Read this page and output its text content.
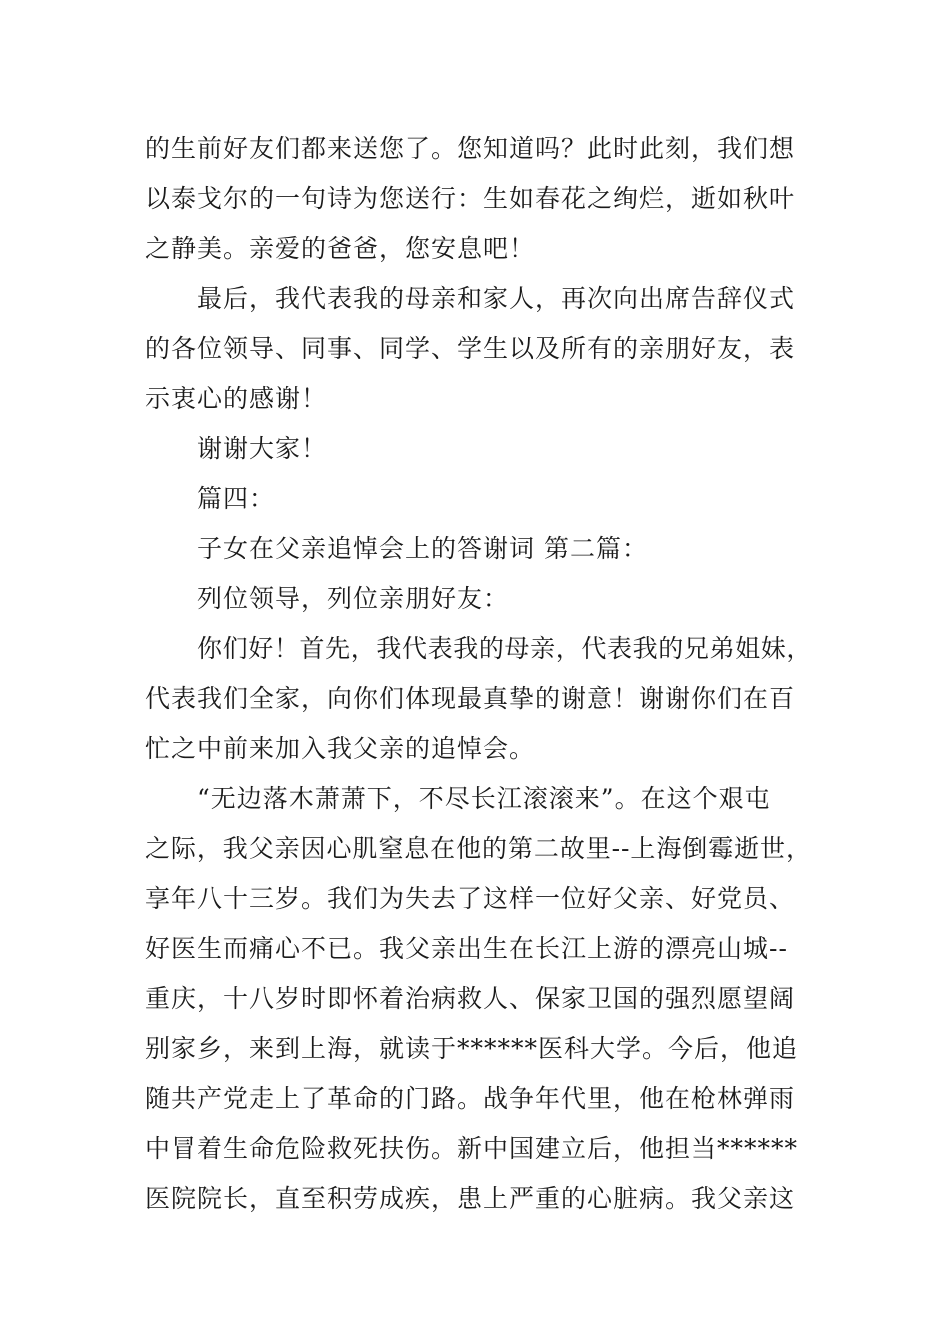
的生前好友们都来送您了。您知道吗？此时此刻，我们想
以泰戈尔的一句诗为您送行：生如春花之绚烂，逝如秋叶
之静美。亲爱的爸爸，您安息吧！
最后，我代表我的母亲和家人，再次向出席告辞仪式
的各位领导、同事、同学、学生以及所有的亲朋好友，表
示衷心的感谢！
谢谢大家！
篇四：
子女在父亲追悼会上的答谢词 第二篇：
列位领导，列位亲朋好友：
你们好！首先，我代表我的母亲，代表我的兄弟姐妹，
代表我们全家，向你们体现最真挚的谢意！谢谢你们在百
忙之中前来加入我父亲的追悼会。
“无边落木萧萧下，不尽长江滚滚来”。在这个艰屯
之际，我父亲因心肌窒息在他的第二故里--上海倒霉逝世，
享年八十三岁。我们为失去了这样一位好父亲、好党员、
好医生而痛心不已。我父亲出生在长江上游的漂亮山城--
重庆，十八岁时即怀着治病救人、保家卫国的强烈愿望阔
别家乡，来到上海，就读于******医科大学。今后，他追
随共产党走上了革命的门路。战争年代里，他在枪林弹雨
中冒着生命危险救死扶伤。新中国建立后，他担当******
医院院长，直至积劳成疾，患上严重的心脏病。我父亲这
